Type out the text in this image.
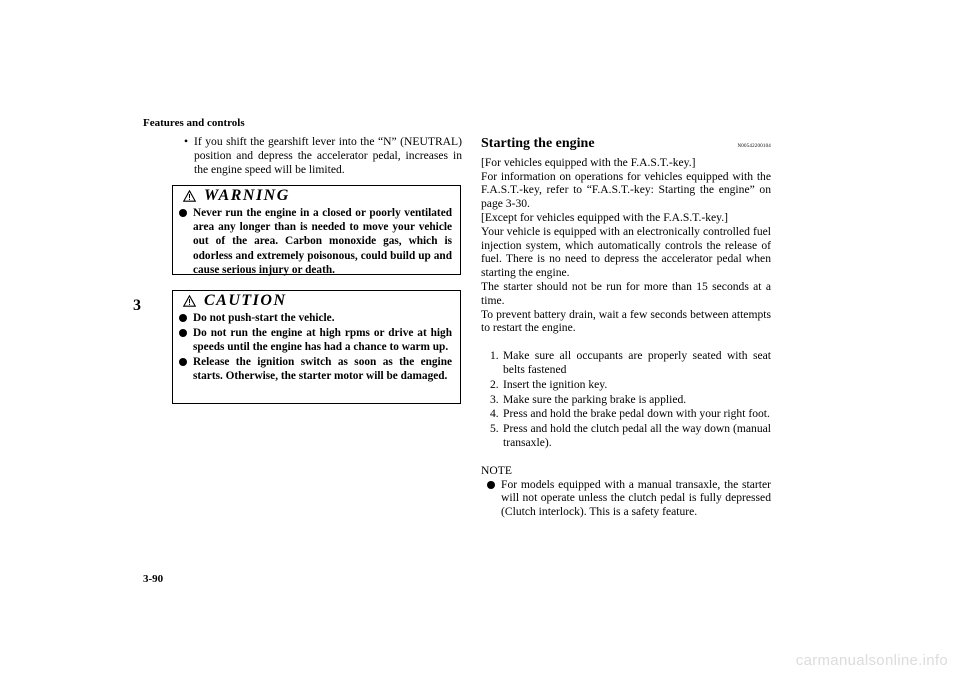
Features and controls
3
• If you shift the gearshift lever into the “N” (NEUTRAL) position and depress the accelerator pedal, increases in the engine speed will be limited.
WARNING
Never run the engine in a closed or poorly ventilated area any longer than is needed to move your vehicle out of the area. Carbon monoxide gas, which is odorless and extremely poisonous, could build up and cause serious injury or death.
CAUTION
Do not push-start the vehicle.
Do not run the engine at high rpms or drive at high speeds until the engine has had a chance to warm up.
Release the ignition switch as soon as the engine starts. Otherwise, the starter motor will be damaged.
Starting the engine	N00542200104
[For vehicles equipped with the F.A.S.T.-key.]
For information on operations for vehicles equipped with the F.A.S.T.-key, refer to “F.A.S.T.-key: Starting the engine” on page 3-30.
[Except for vehicles equipped with the F.A.S.T.-key.]
Your vehicle is equipped with an electronically controlled fuel injection system, which automatically controls the release of fuel. There is no need to depress the accelerator pedal when starting the engine.
The starter should not be run for more than 15 seconds at a time.
To prevent battery drain, wait a few seconds between attempts to restart the engine.
1. Make sure all occupants are properly seated with seat belts fastened
2. Insert the ignition key.
3. Make sure the parking brake is applied.
4. Press and hold the brake pedal down with your right foot.
5. Press and hold the clutch pedal all the way down (manual transaxle).
NOTE
For models equipped with a manual transaxle, the starter will not operate unless the clutch pedal is fully depressed (Clutch interlock). This is a safety feature.
3-90
carmanualsonline.info
